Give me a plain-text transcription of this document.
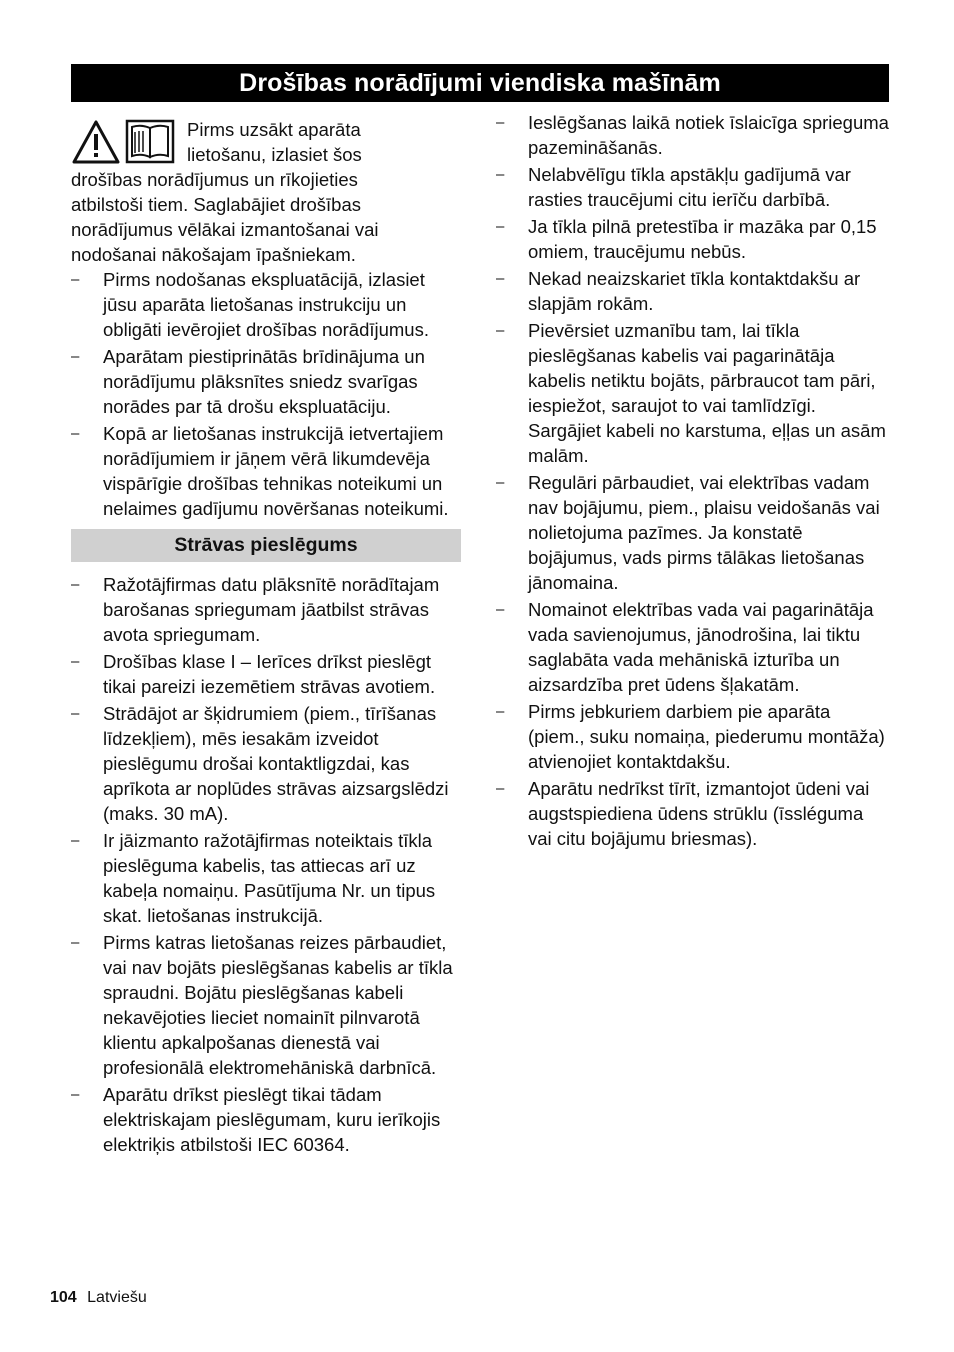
Drošības norādījumi viendiska mašīnām

Pirms uzsākt aparāta
lietošanu, izlasiet šos
drošības norādījumus un rīkojieties
atbilstoši tiem. Saglabājiet drošības
norādījumus vēlākai izmantošanai vai
nodošanai nākošajam īpašniekam.

– Pirms nodošanas ekspluatācijā, izlasiet jūsu aparāta lietošanas instrukciju un obligāti ievērojiet drošības norādījumus.
– Aparātam piestiprinātās brīdinājuma un norādījumu plāksnītes sniedz svarīgas norādes par tā drošu ekspluatāciju.
– Kopā ar lietošanas instrukcijā ietvertajiem norādījumiem ir jāņem vērā likumdevēja vispārīgie drošības tehnikas noteikumi un nelaimes gadījumu novēršanas noteikumi.
Strāvas pieslēgums
– Ražotājfirmas datu plāksnītē norādītajam barošanas spriegumam jāatbilst strāvas avota spriegumam.
– Drošības klase I – Ierīces drīkst pieslēgt tikai pareizi iezemētiem strāvas avotiem.
– Strādājot ar šķidrumiem (piem., tīrīšanas līdzekļiem), mēs iesakām izveidot pieslēgumu drošai kontaktligzdai, kas aprīkota ar noplūdes strāvas aizsargslēdzi (maks. 30 mA).
– Ir jāizmanto ražotājfirmas noteiktais tīkla pieslēguma kabelis, tas attiecas arī uz kabeļa nomaiņu. Pasūtījuma Nr. un tipus skat. lietošanas instrukcijā.
– Pirms katras lietošanas reizes pārbaudiet, vai nav bojāts pieslēgšanas kabelis ar tīkla spraudni. Bojātu pieslēgšanas kabeli nekavējoties lieciet nomainīt pilnvarotā klientu apkalpošanas dienestā vai profesionālā elektromehāniskā darbnīcā.
– Aparātu drīkst pieslēgt tikai tādam elektriskajam pieslēgumam, kuru ierīkojis elektriķis atbilstoši IEC 60364.
– Ieslēgšanas laikā notiek īslaicīga sprieguma pazemināšanās.
– Nelabvēlīgu tīkla apstākļu gadījumā var rasties traucējumi citu ierīču darbībā.
– Ja tīkla pilnā pretestība ir mazāka par 0,15 omiem, traucējumu nebūs.
– Nekad neaizskariet tīkla kontaktdakšu ar slapjām rokām.
– Pievērsiet uzmanību tam, lai tīkla pieslēgšanas kabelis vai pagarinātāja kabelis netiktu bojāts, pārbraucot tam pāri, iespiežot, saraujot to vai tamlīdzīgi. Sargājiet kabeli no karstuma, eļļas un asām malām.
– Regulāri pārbaudiet, vai elektrības vadam nav bojājumu, piem., plaisu veidošanās vai nolietojuma pazīmes. Ja konstatē bojājumus, vads pirms tālākas lietošanas jānomaina.
– Nomainot elektrības vada vai pagarinātāja vada savienojumus, jānodrošina, lai tiktu saglabāta vada mehāniskā izturība un aizsardzība pret ūdens šļakatām.
– Pirms jebkuriem darbiem pie aparāta (piem., suku nomaiņa, piederumu montāža) atvienojiet kontaktdakšu.
– Aparātu nedrīkst tīrīt, izmantojot ūdeni vai augstspiediena ūdens strūklu (īssléguma vai citu bojājumu briesmas).
104 Latviešu
